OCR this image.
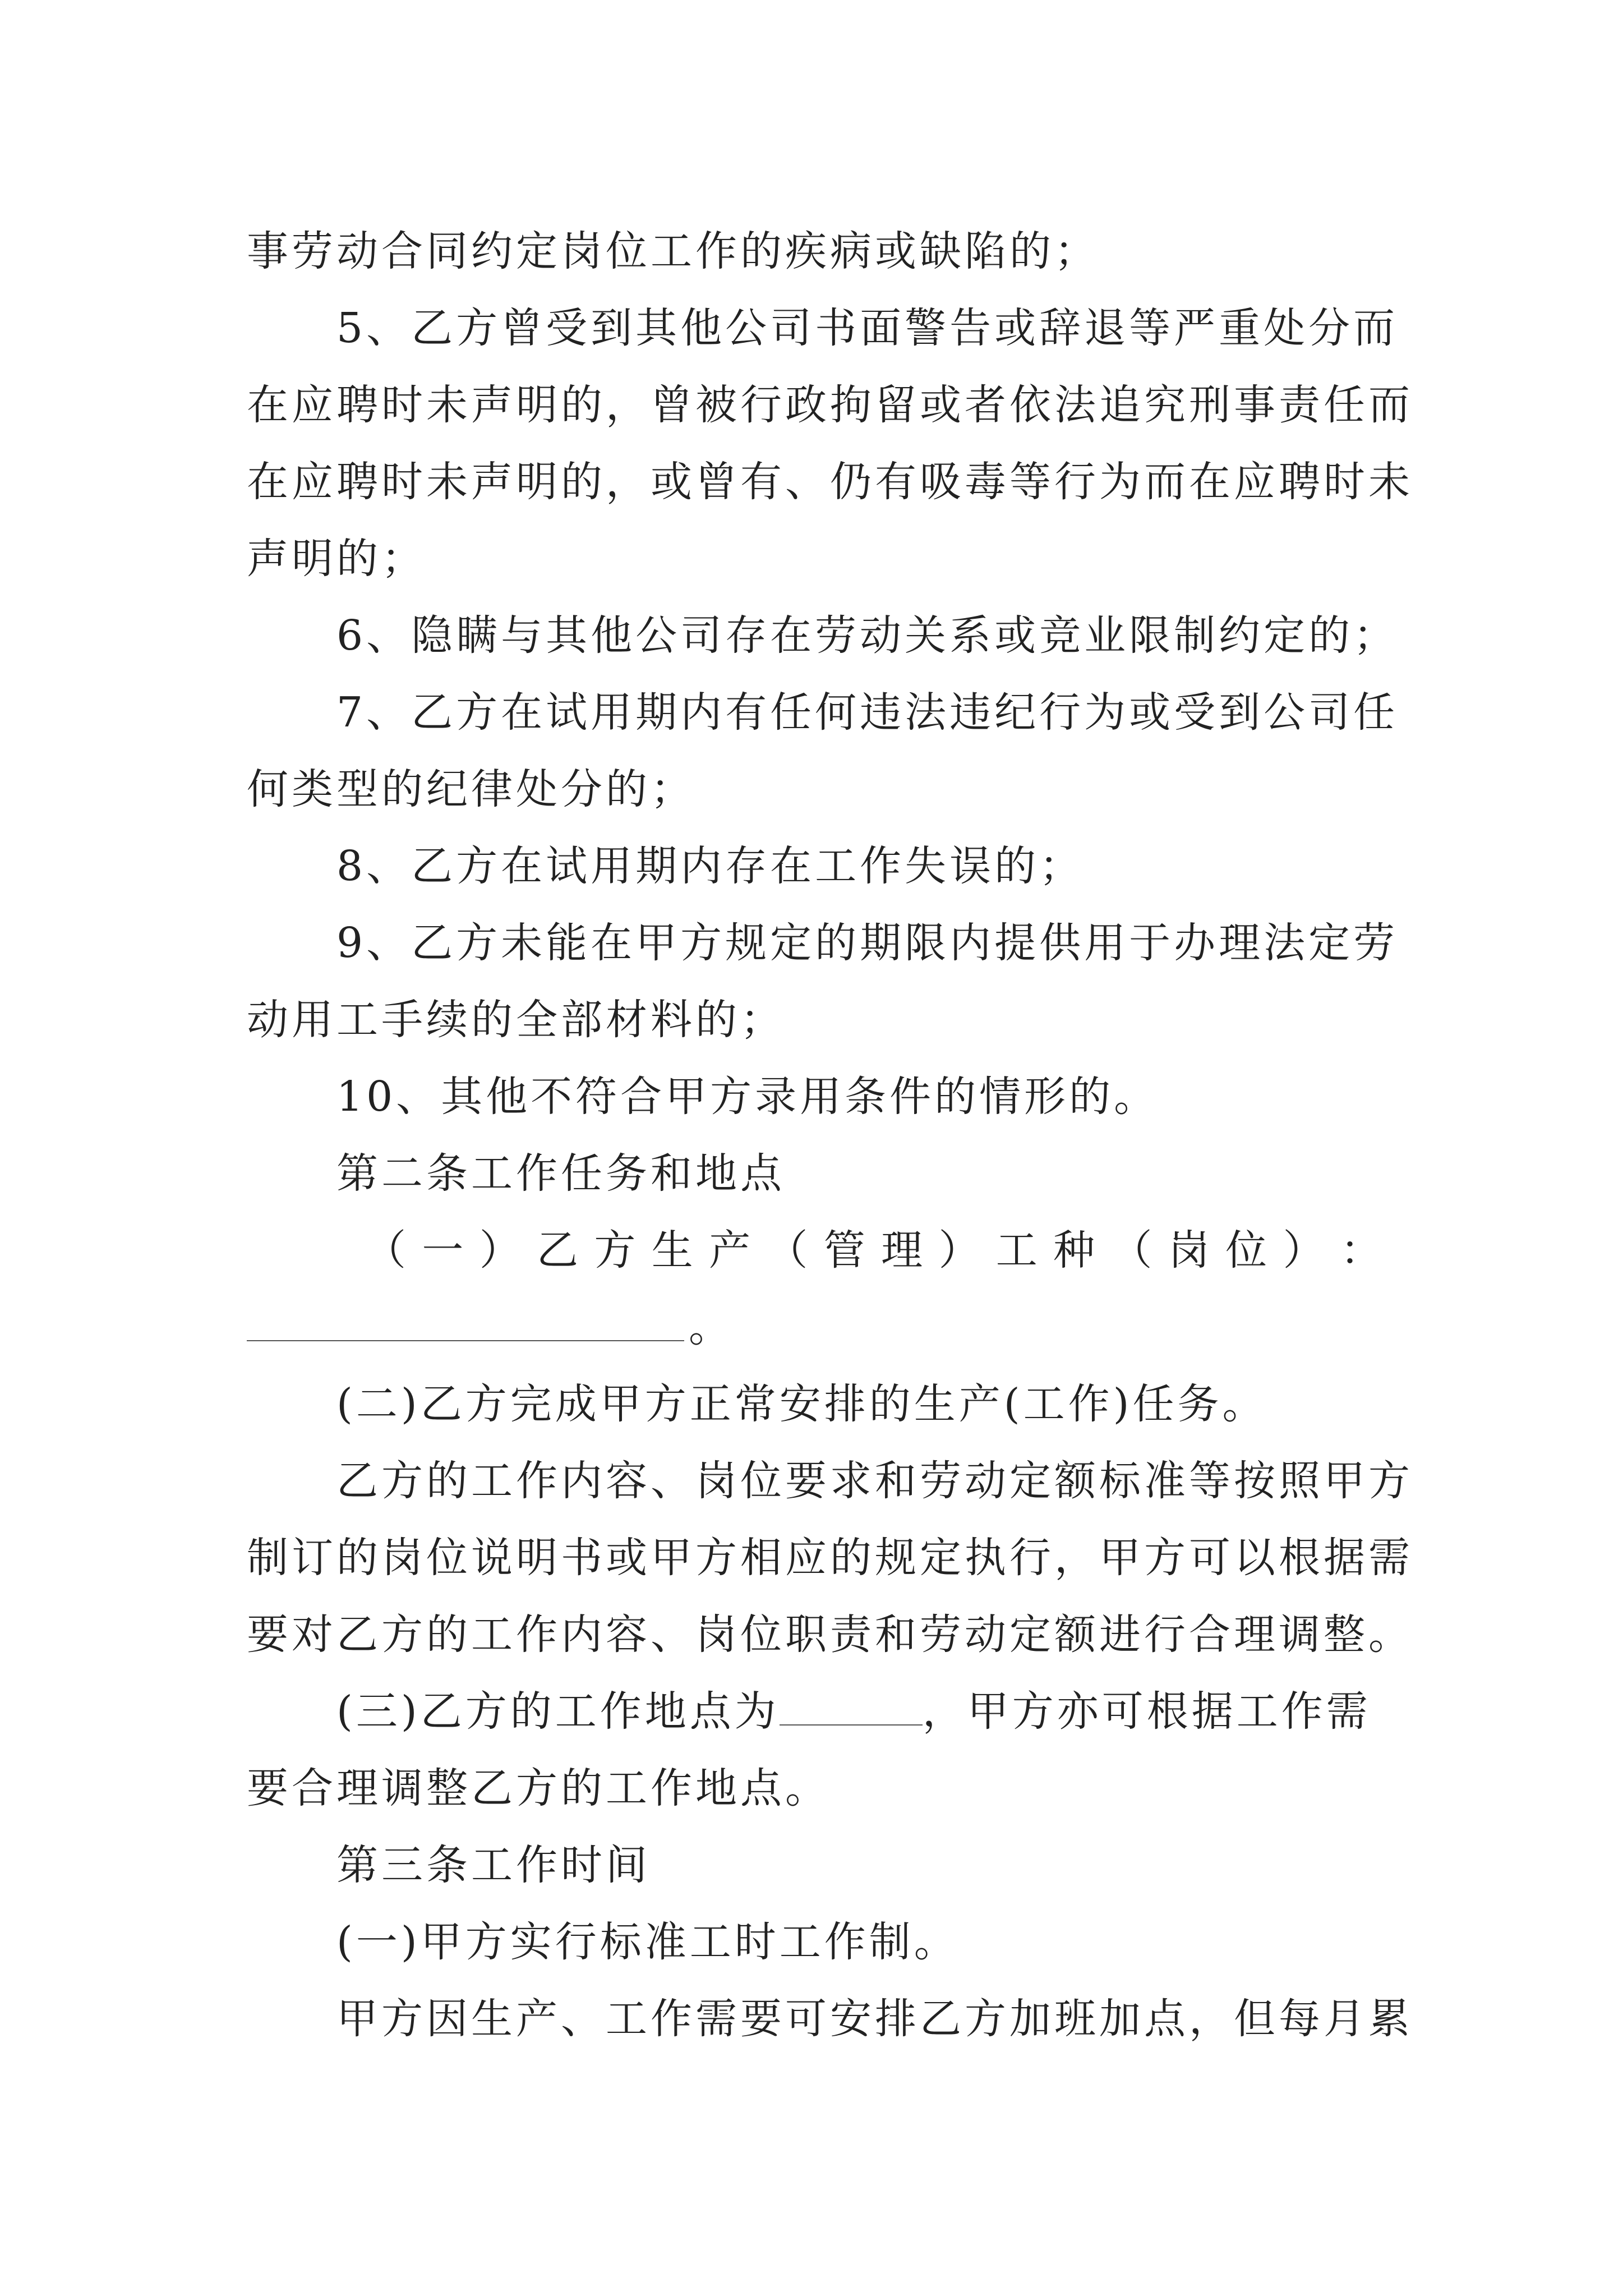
事劳动合同约定岗位工作的疾病或缺陷的；
5、乙方曾受到其他公司书面警告或辞退等严重处分而
在应聘时未声明的，曾被行政拘留或者依法追究刑事责任而
在应聘时未声明的，或曾有、仍有吸毒等行为而在应聘时未
声明的；
6、隐瞒与其他公司存在劳动关系或竞业限制约定的；
7、乙方在试用期内有任何违法违纪行为或受到公司任
何类型的纪律处分的；
8、乙方在试用期内存在工作失误的；
9、乙方未能在甲方规定的期限内提供用于办理法定劳
动用工手续的全部材料的；
10、其他不符合甲方录用条件的情形的。
第二条工作任务和地点
（ 一 ） 乙 方 生 产 （ 管 理 ） 工 种 （ 岗 位 ） ：
。
(二)乙方完成甲方正常安排的生产(工作)任务。
乙方的工作内容、岗位要求和劳动定额标准等按照甲方
制订的岗位说明书或甲方相应的规定执行，甲方可以根据需
要对乙方的工作内容、岗位职责和劳动定额进行合理调整。
(三)乙方的工作地点为	，甲方亦可根据工作需
要合理调整乙方的工作地点。
第三条工作时间
(一)甲方实行标准工时工作制。
甲方因生产、工作需要可安排乙方加班加点，但每月累
